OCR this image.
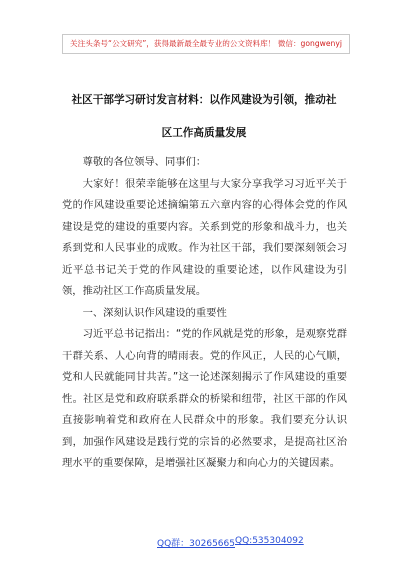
关注头条号“公文研究”，获得最新最全最专业的公文资料库！ 微信：gongwenyj
社区干部学习研讨发言材料：以作风建设为引领，推动社
区工作高质量发展

尊敬的各位领导、同事们：

大家好！很荣幸能够在这里与大家分享我学习习近平关于党的作风建设重要论述摘编第五六章内容的心得体会党的作风建设是党的建设的重要内容。关系到党的形象和战斗力，也关系到党和人民事业的成败。作为社区干部，我们要深刻领会习近平总书记关于党的作风建设的重要论述，以作风建设为引领，推动社区工作高质量发展。

一、深刻认识作风建设的重要性

习近平总书记指出：“党的作风就是党的形象，是观察党群干群关系、人心向背的晴雨表。党的作风正，人民的心气顺，党和人民就能同甘共苦。”这一论述深刻揭示了作风建设的重要性。社区是党和政府联系群众的桥梁和纽带，社区干部的作风直接影响着党和政府在人民群众中的形象。我们要充分认识到，加强作风建设是践行党的宗旨的必然要求，是提高社区治理水平的重要保障，是增强社区凝聚力和向心力的关键因素。

QQ群：30265665 QQ:535304092
